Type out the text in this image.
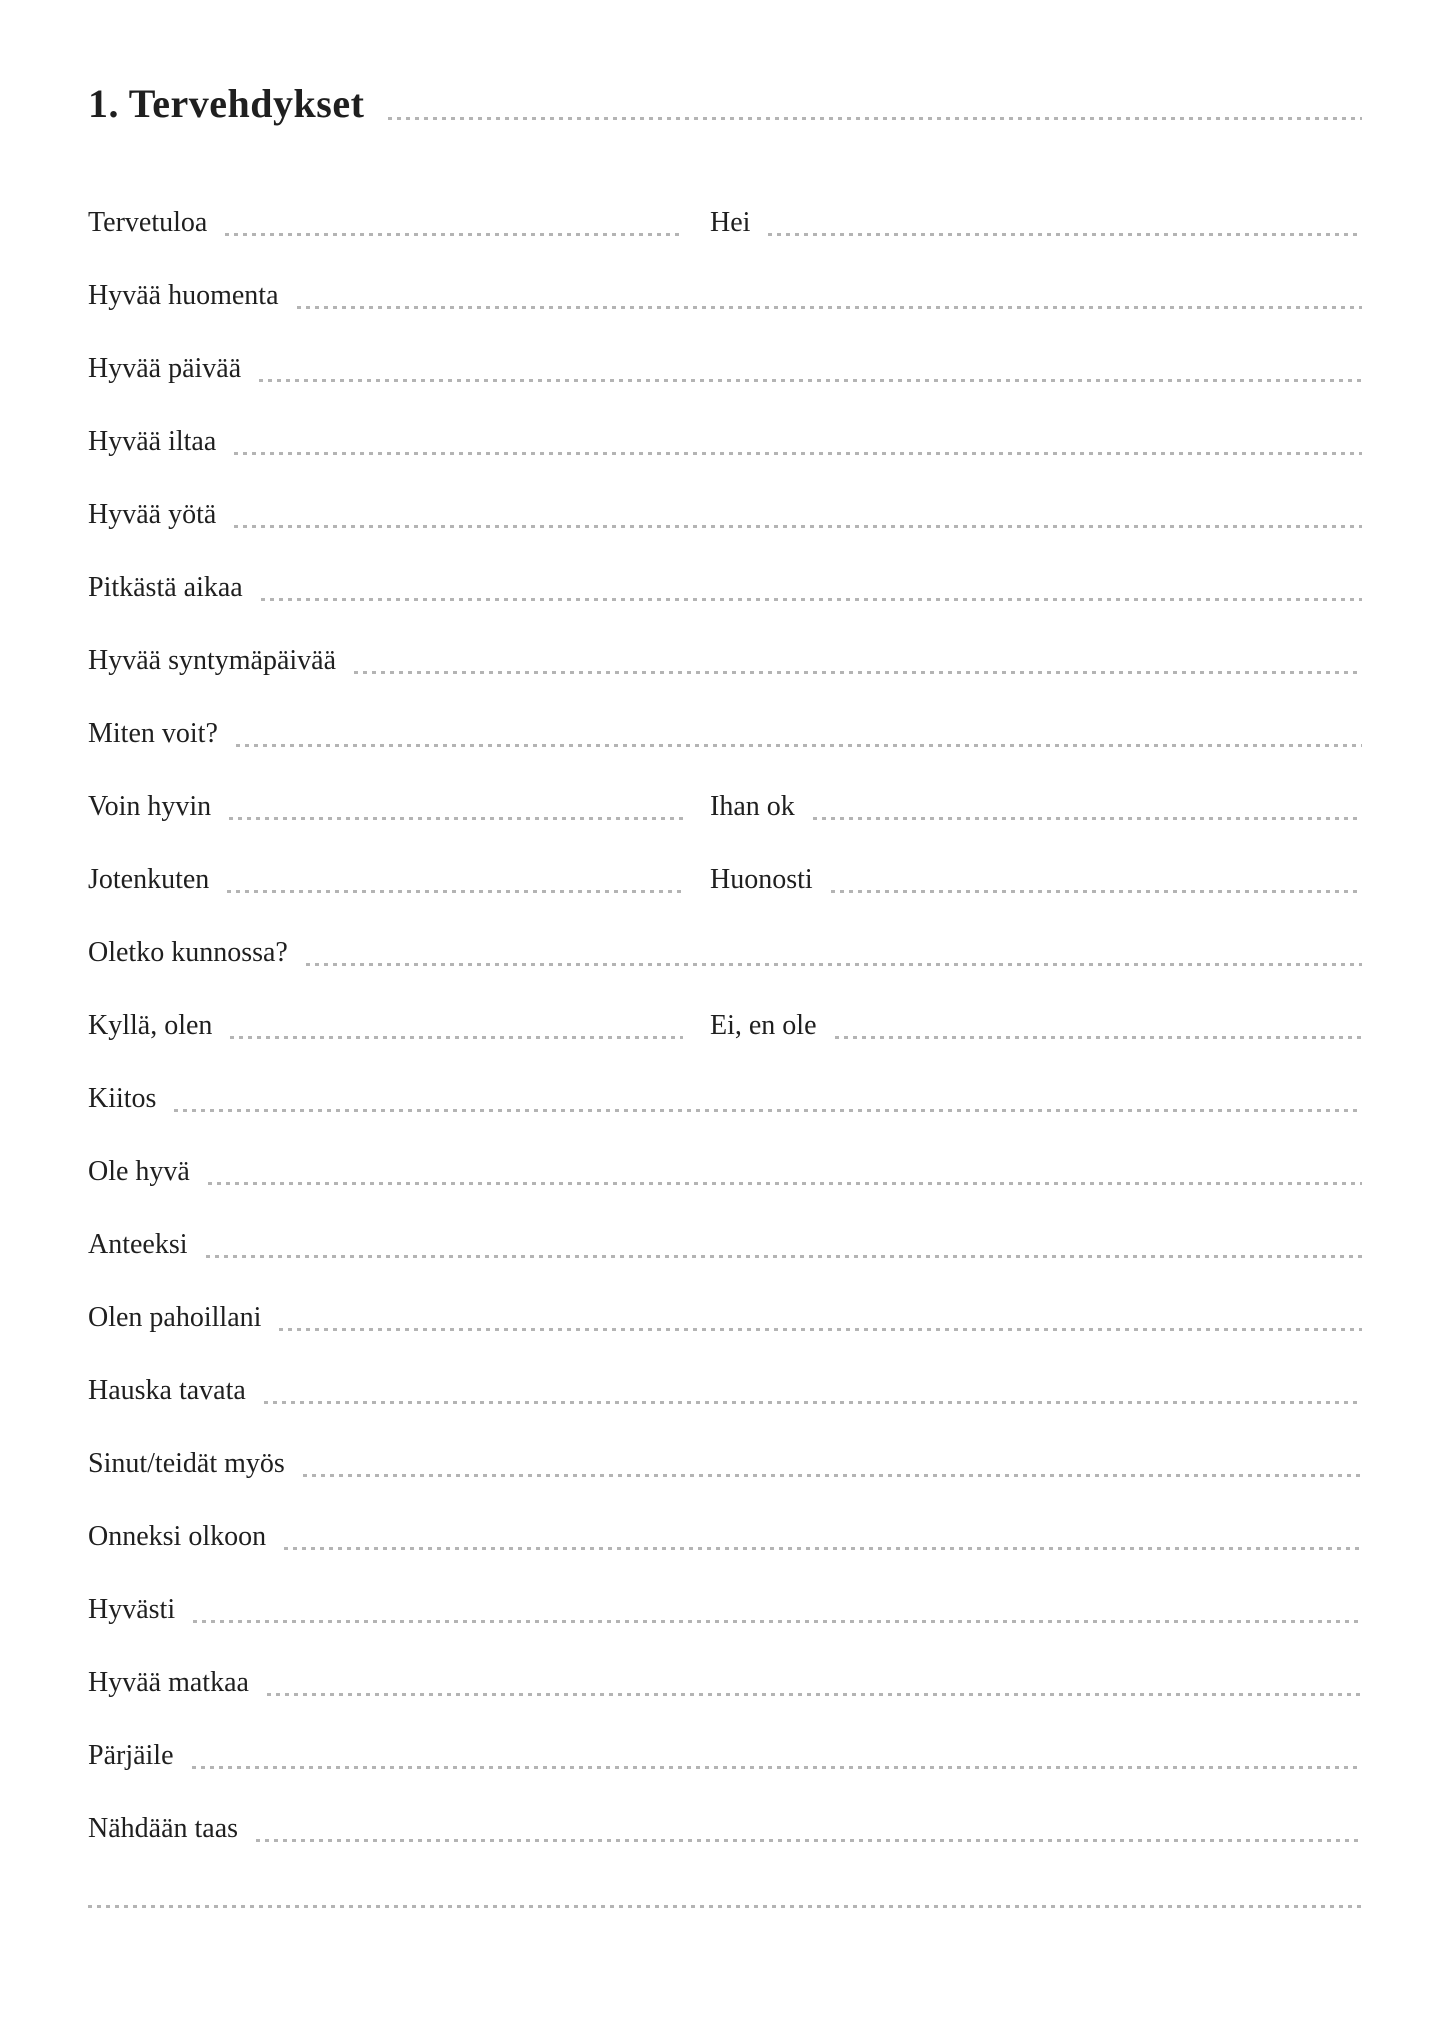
1. Tervehdykset
Tervetuloa	Hei
Hyvää huomenta
Hyvää päivää
Hyvää iltaa
Hyvää yötä
Pitkästä aikaa
Hyvää syntymäpäivää
Miten voit?
Voin hyvin	Ihan ok
Jotenkuten	Huonosti
Oletko kunnossa?
Kyllä, olen	Ei, en ole
Kiitos
Ole hyvä
Anteeksi
Olen pahoillani
Hauska tavata
Sinut/teidät myös
Onneksi olkoon
Hyvästi
Hyvää matkaa
Pärjäile
Nähdään taas
